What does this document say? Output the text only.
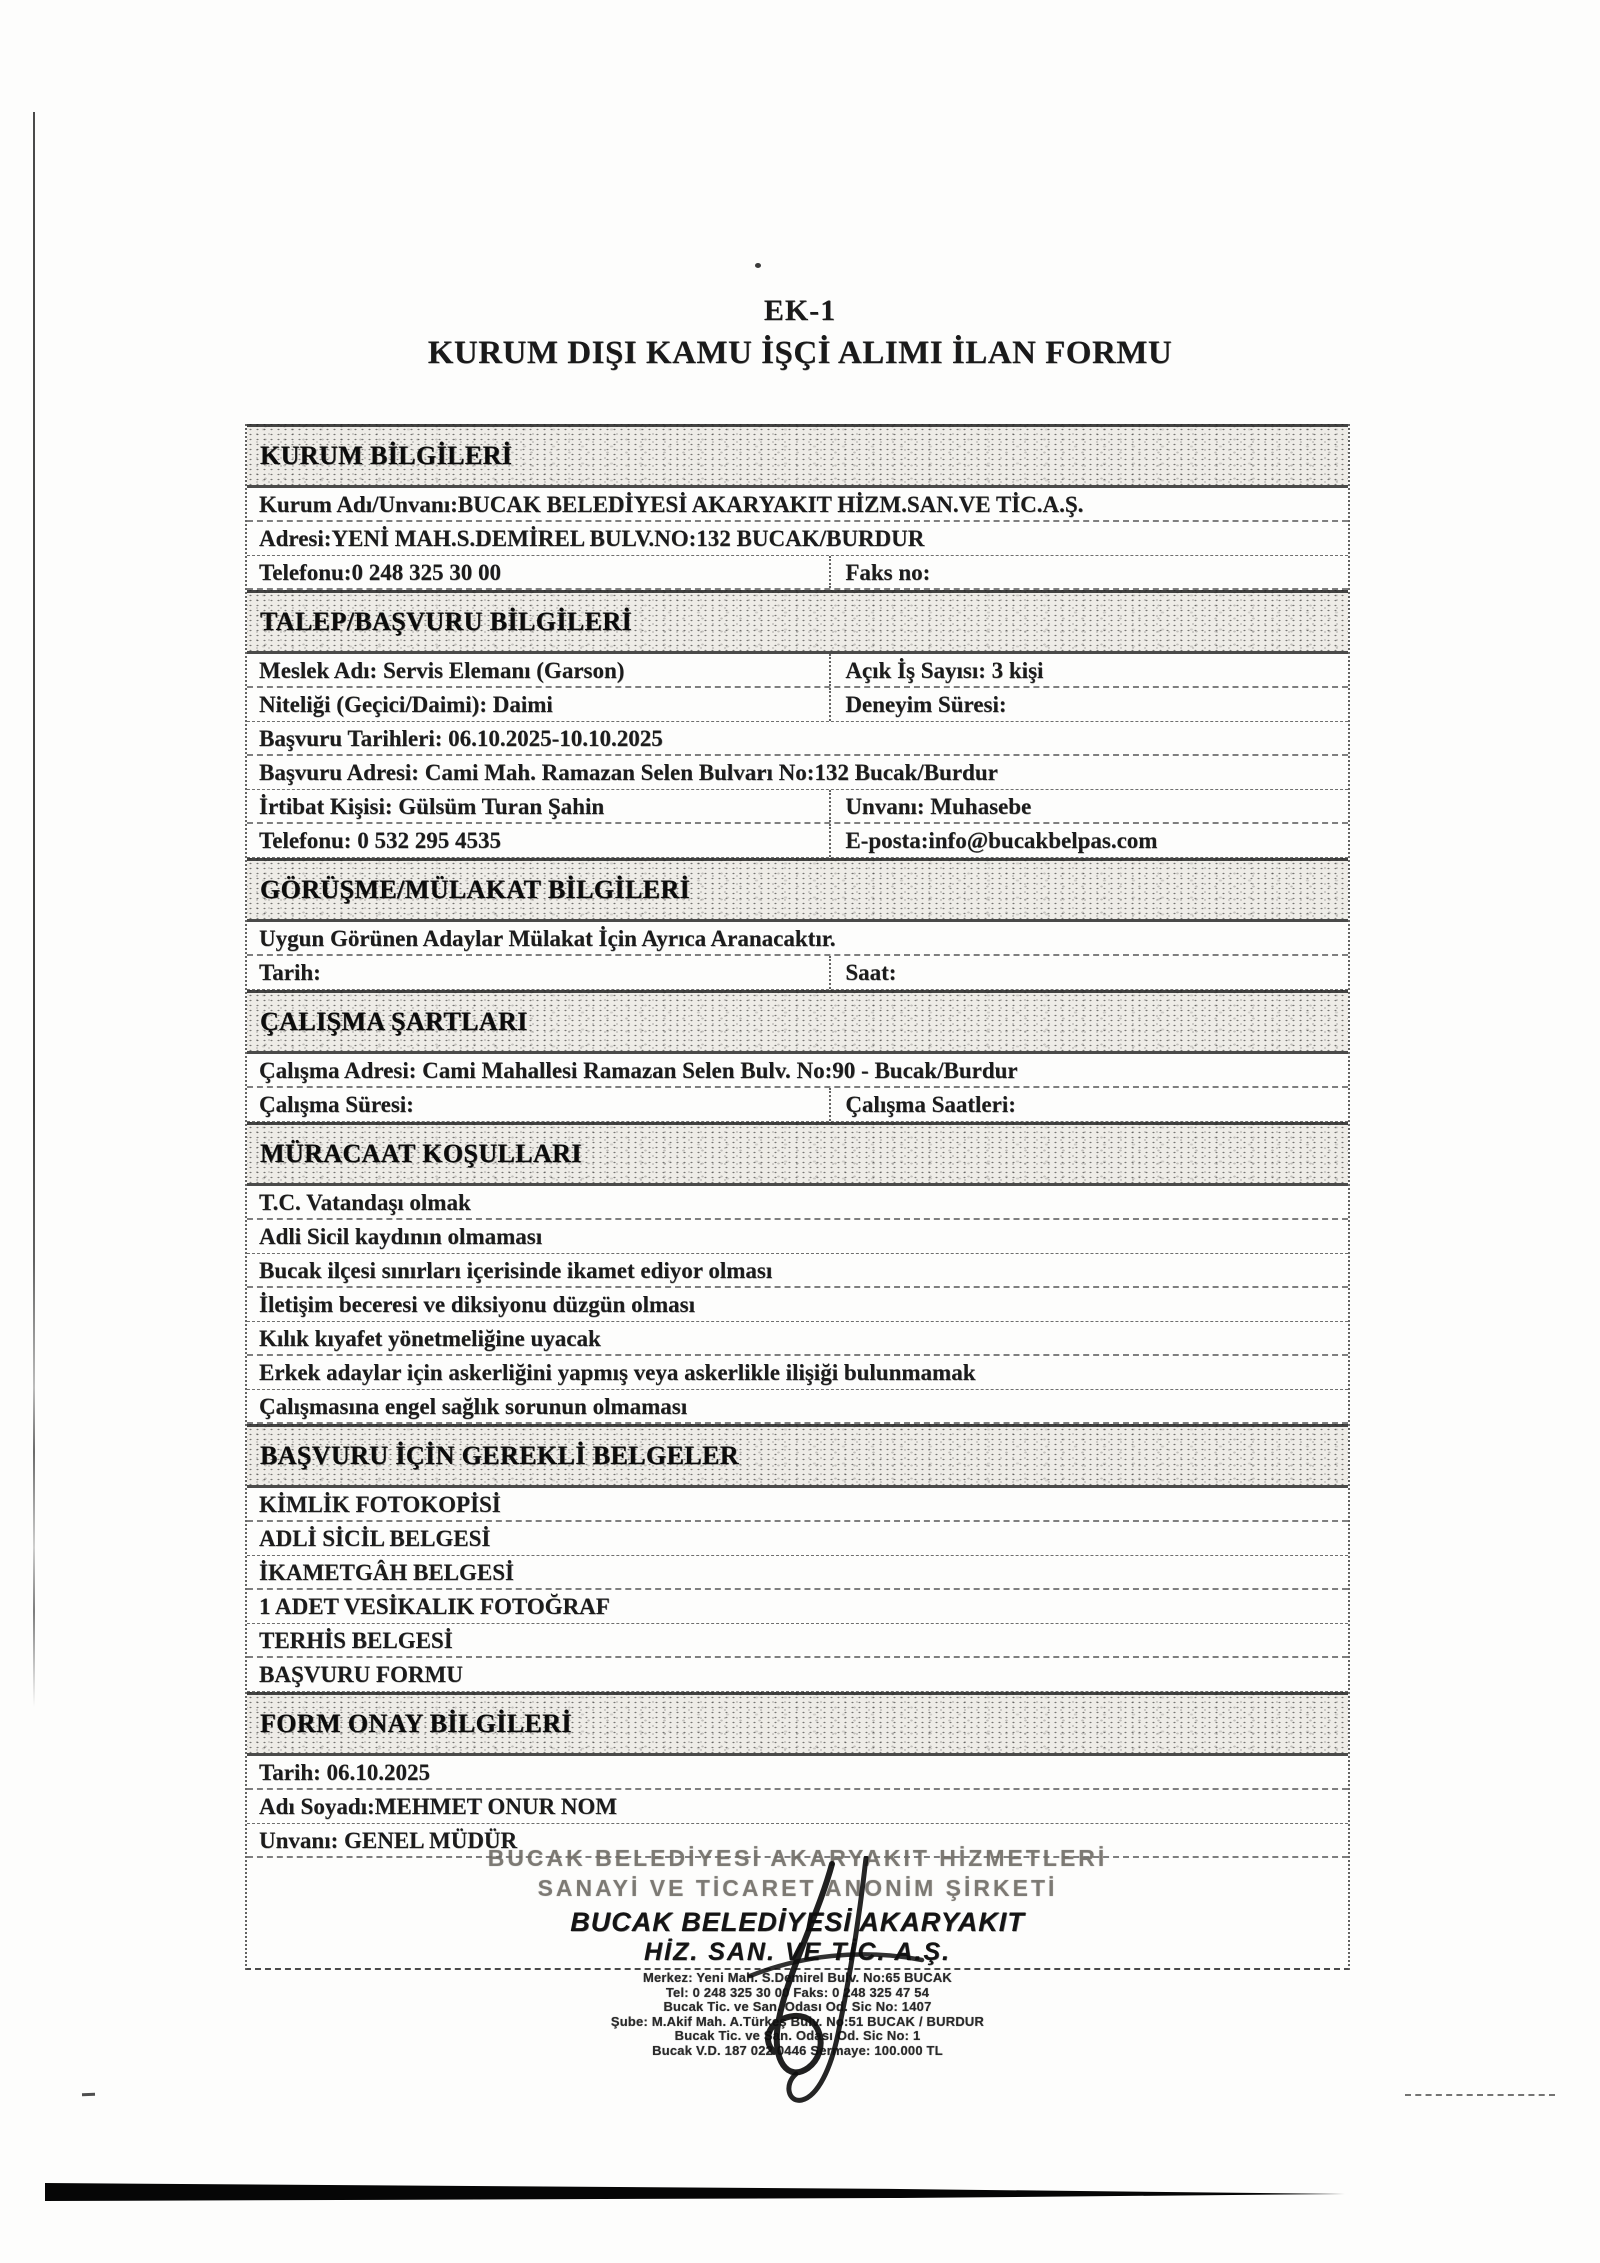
EK-1
KURUM DIŞI KAMU İŞÇİ ALIMI İLAN FORMU
KURUM BİLGİLERİ
Kurum Adı/Unvanı:BUCAK BELEDİYESİ AKARYAKIT HİZM.SAN.VE TİC.A.Ş.
Adresi:YENİ MAH.S.DEMİREL BULV.NO:132 BUCAK/BURDUR
Telefonu:0 248 325 30 00	Faks no:
TALEP/BAŞVURU BİLGİLERİ
Meslek Adı: Servis Elemanı (Garson)	Açık İş Sayısı: 3 kişi
Niteliği (Geçici/Daimi): Daimi	Deneyim Süresi:
Başvuru Tarihleri: 06.10.2025-10.10.2025
Başvuru Adresi: Cami Mah. Ramazan Selen Bulvarı No:132 Bucak/Burdur
İrtibat Kişisi: Gülsüm Turan Şahin	Unvanı: Muhasebe
Telefonu: 0 532 295 4535	E-posta:info@bucakbelpas.com
GÖRÜŞME/MÜLAKAT BİLGİLERİ
Uygun Görünen Adaylar Mülakat İçin Ayrıca Aranacaktır.
Tarih:	Saat:
ÇALIŞMA ŞARTLARI
Çalışma Adresi: Cami Mahallesi Ramazan Selen Bulv. No:90 - Bucak/Burdur
Çalışma Süresi:	Çalışma Saatleri:
MÜRACAAT KOŞULLARI
T.C. Vatandaşı olmak
Adli Sicil kaydının olmaması
Bucak ilçesi sınırları içerisinde ikamet ediyor olması
İletişim beceresi ve diksiyonu düzgün olması
Kılık kıyafet yönetmeliğine uyacak
Erkek adaylar için askerliğini yapmış veya askerlikle ilişiği bulunmamak
Çalışmasına engel sağlık sorunun olmaması
BAŞVURU İÇİN GEREKLİ BELGELER
KİMLİK FOTOKOPİSİ
ADLİ SİCİL BELGESİ
İKAMETGÂH BELGESİ
1 ADET VESİKALIK FOTOĞRAF
TERHİS BELGESİ
BAŞVURU FORMU
FORM ONAY BİLGİLERİ
Tarih: 06.10.2025
Adı Soyadı:MEHMET ONUR NOM
Unvanı: GENEL MÜDÜR
BUCAK BELEDİYESİ AKARYAKIT HİZMETLERİ
SANAYİ VE TİCARET ANONİM ŞİRKETİ
BUCAK BELEDİYESİ AKARYAKIT
HİZ. SAN. VE TİC. A.Ş.
Merkez: Yeni Mah. S.Demirel Bulv. No:65 BUCAK
Tel: 0 248 325 30 00 Faks: 0 248 325 47 54
Bucak Tic. ve San. Odası Od. Sic No: 1407
Şube: M.Akif Mah. A.Türkeş Bulv. No:51 BUCAK / BURDUR
Bucak Tic. ve San. Odası Od. Sic No: 1
Bucak V.D. 187 022 0446 Sermaye: 100.000 TL
